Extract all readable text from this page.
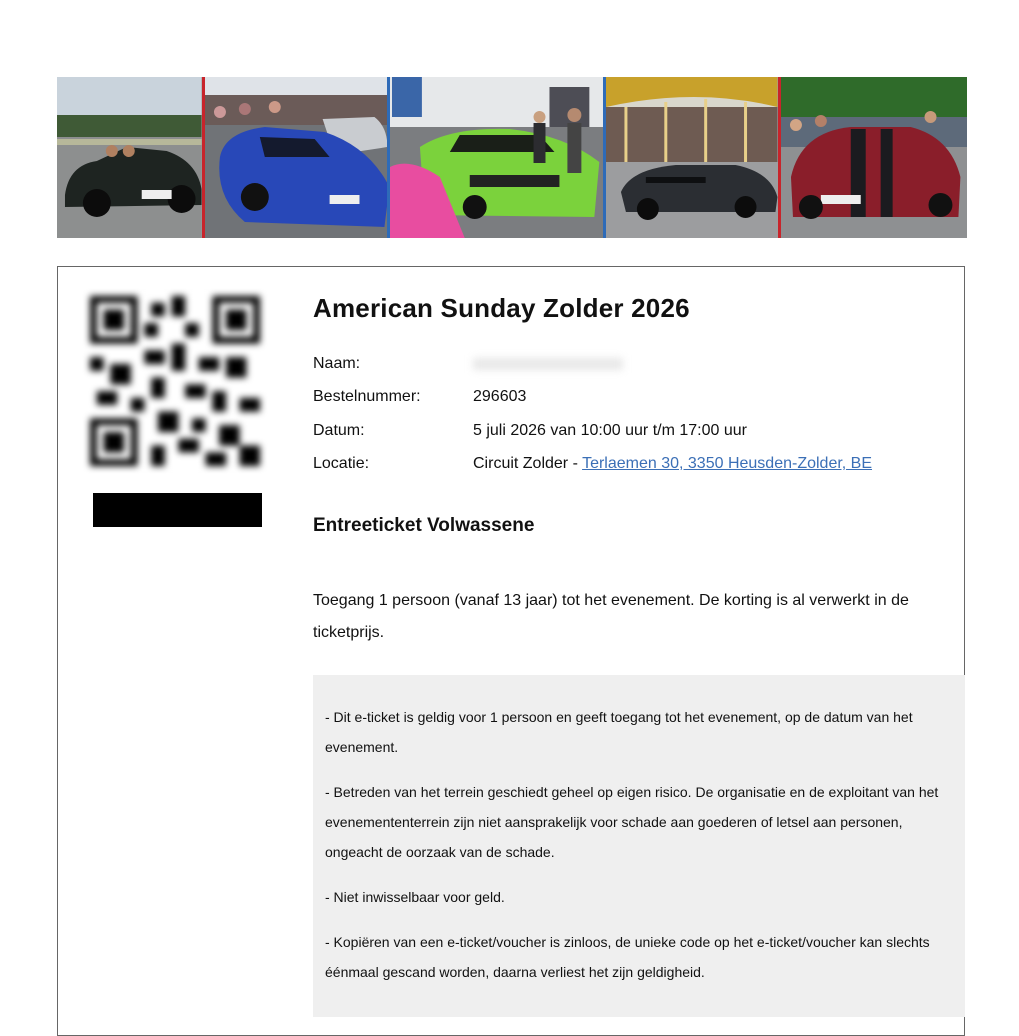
American Sunday Zolder 2026
Naam:
Bestelnummer:	296603
Datum:	5 juli 2026 van 10:00 uur t/m 17:00 uur
Locatie:	Circuit Zolder - Terlaemen 30, 3350 Heusden-Zolder, BE
Entreeticket Volwassene

Toegang 1 persoon (vanaf 13 jaar) tot het evenement. De korting is al verwerkt in de ticketprijs.

- Dit e-ticket is geldig voor 1 persoon en geeft toegang tot het evenement, op de datum van het evenement.

- Betreden van het terrein geschiedt geheel op eigen risico. De organisatie en de exploitant van het evenemententerrein zijn niet aansprakelijk voor schade aan goederen of letsel aan personen, ongeacht de oorzaak van de schade.

- Niet inwisselbaar voor geld.

- Kopiëren van een e-ticket/voucher is zinloos, de unieke code op het e-ticket/voucher kan slechts éénmaal gescand worden, daarna verliest het zijn geldigheid.
